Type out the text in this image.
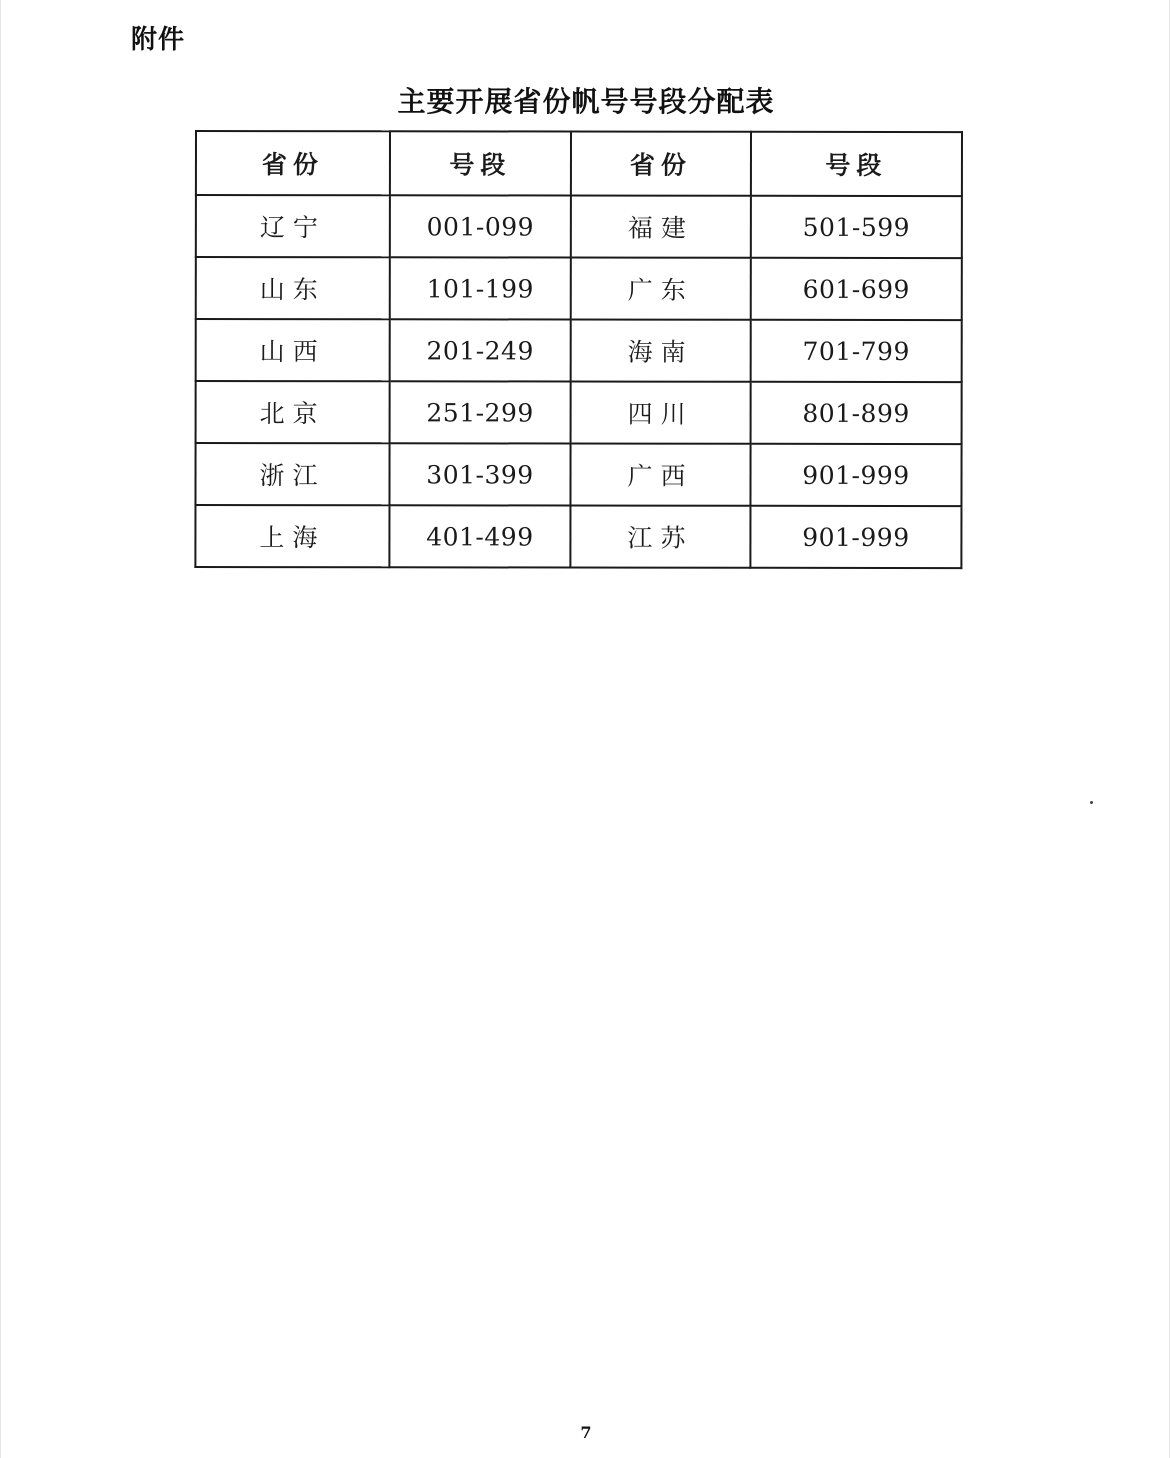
附件
主要开展省份帆号号段分配表
省份	号段	省份	号段
辽宁	001-099	福建	501-599
山东	101-199	广东	601-699
山西	201-249	海南	701-799
北京	251-299	四川	801-899
浙江	301-399	广西	901-999
上海	401-499	江苏	901-999
7
